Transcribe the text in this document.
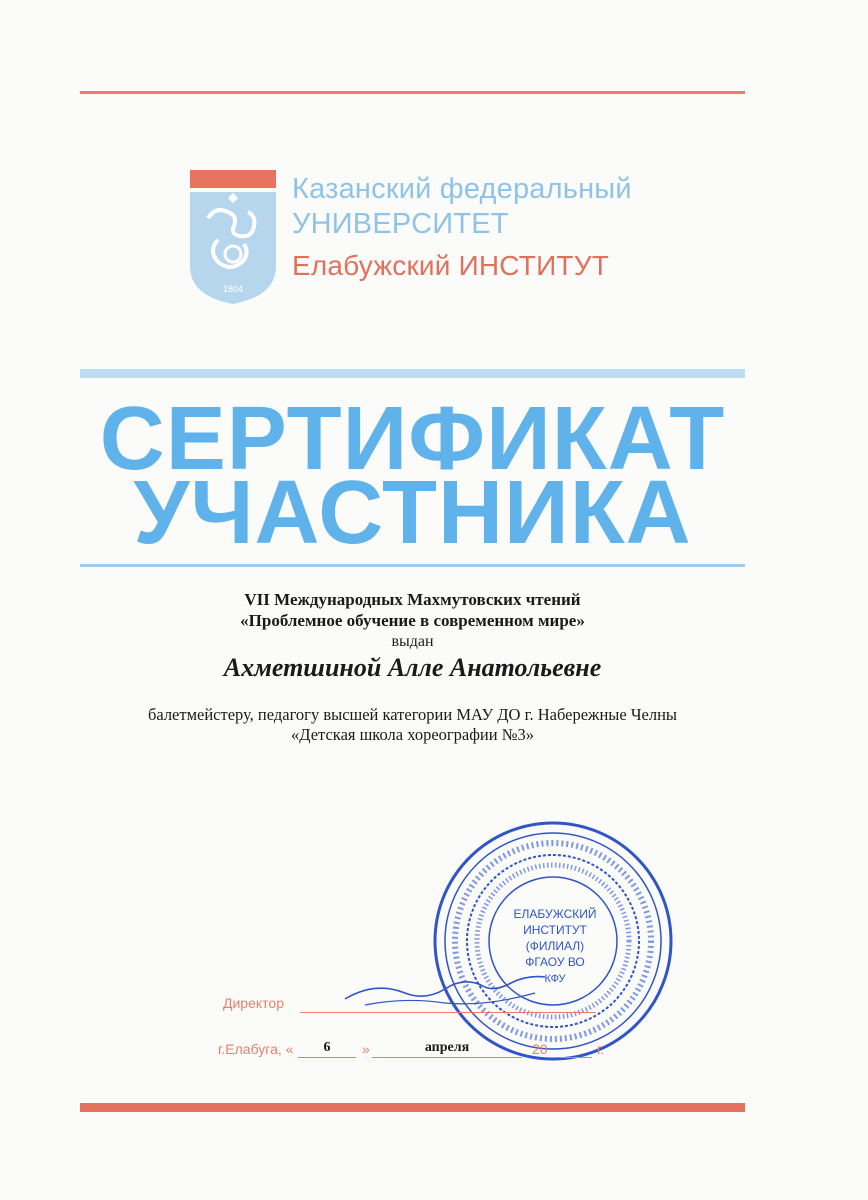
1804
Казанский федеральный
УНИВЕРСИТЕТ
Елабужский ИНСТИТУТ
СЕРТИФИКАТ
УЧАСТНИКА
VII Международных Махмутовских чтений
«Проблемное обучение в современном мире»
выдан
Ахметшиной Алле Анатольевне
балетмейстеру, педагогу высшей категории МАУ ДО г. Набережные Челны
«Детская школа хореографии №3»
ЕЛАБУЖСКИЙ
ИНСТИТУТ
(ФИЛИАЛ)
ФГАОУ ВО
КФУ
Директор
г.Елабуга, «	6	»	апреля	20	г.
